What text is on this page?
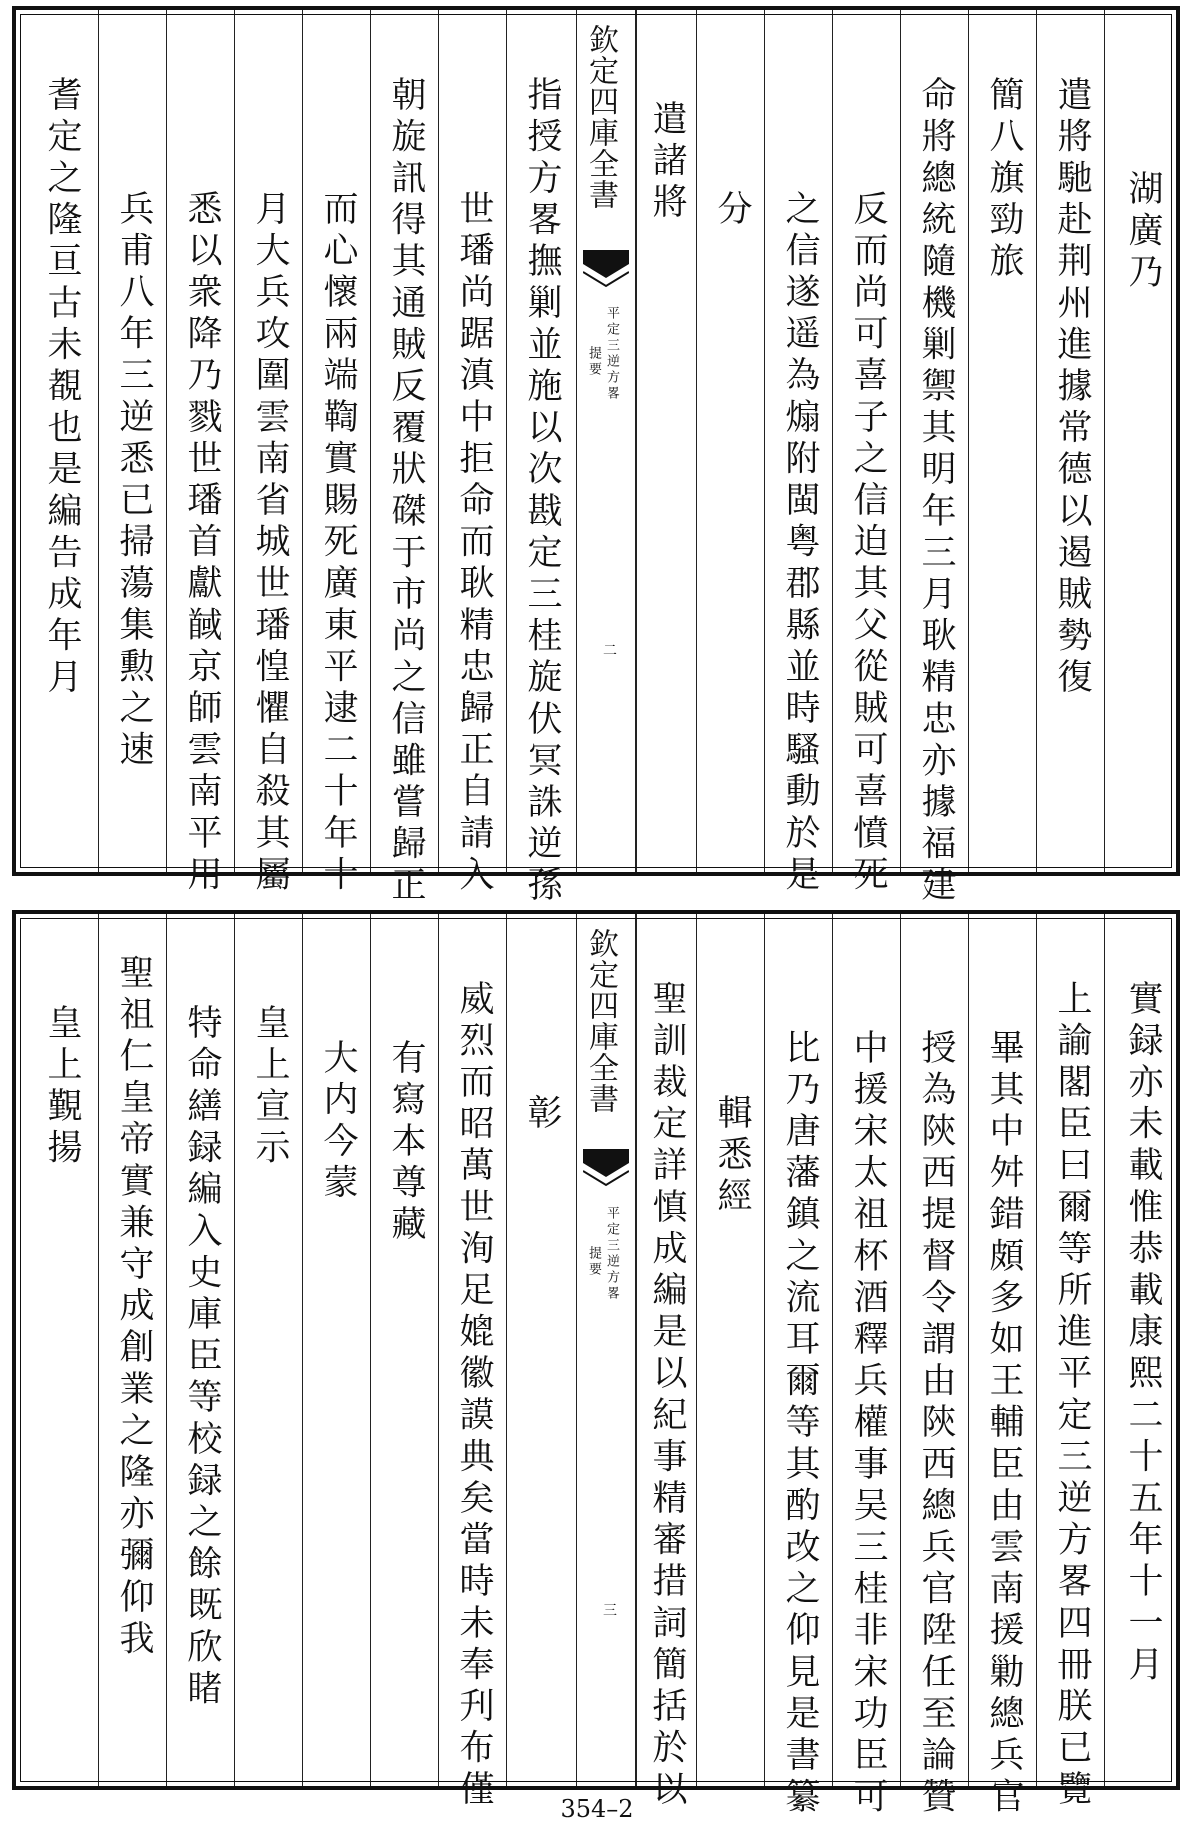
湖廣乃
遣將馳赴荆州進據常德以遏賊勢復
簡八旗勁旅
命將總統隨機剿禦其明年三月耿精忠亦據福建
反而尚可喜子之信迫其父從賊可喜憤死
之信遂遥為煽附閩粤郡縣並時騷動於是
分
遣諸將
欽定四庫全書
平定三逆方畧
提要
二
指授方畧撫剿並施以次戡定三桂旋伏冥誅逆孫
世璠尚踞滇中拒命而耿精忠歸正自請入
朝旋訊得其通賊反覆狀磔于市尚之信雖嘗歸正
而心懷兩端鞫實賜死廣東平逮二十年十
月大兵攻圍雲南省城世璠惶懼自殺其屬
悉以衆降乃戮世璠首獻馘京師雲南平用
兵甫八年三逆悉已掃蕩集勲之速
耆定之隆亘古未覩也是編告成年月
實録亦未載惟恭載康熙二十五年十一月
上諭閣臣曰爾等所進平定三逆方畧四冊朕已覽
畢其中舛錯頗多如王輔臣由雲南援勦總兵官
授為陝西提督令謂由陝西總兵官陞任至論贊
中援宋太祖杯酒釋兵權事吴三桂非宋功臣可
比乃唐藩鎮之流耳爾等其酌改之仰見是書纂
輯悉經
聖訓裁定詳慎成編是以紀事精審措詞簡括於以
欽定四庫全書
平定三逆方畧
提要
三
彰
威烈而昭萬世洵足媲徽謨典矣當時未奉刋布僅
有寫本尊藏
大内今蒙
皇上宣示
特命繕録編入史庫臣等校録之餘既欣睹
聖祖仁皇帝實兼守成創業之隆亦彌仰我
皇上覲揚
354–2
